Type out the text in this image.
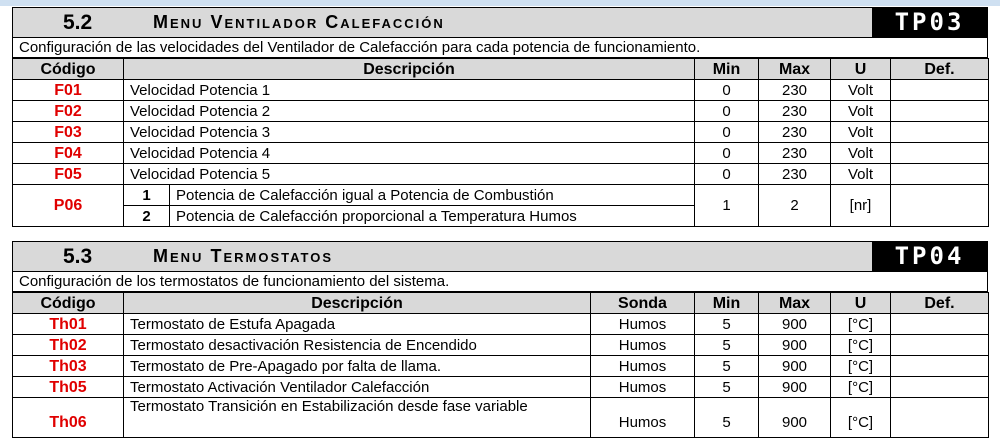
5.2	Menu Ventilador Calefacción	TP03
Configuración de las velocidades del Ventilador de Calefacción para cada potencia de funcionamiento.
Código	Descripción		Min	Max	U	Def.
F01	Velocidad Potencia 1		0	230	Volt	
F02	Velocidad Potencia 2		0	230	Volt	
F03	Velocidad Potencia 3		0	230	Volt	
F04	Velocidad Potencia 4		0	230	Volt	
F05	Velocidad Potencia 5		0	230	Volt	
P06	1	Potencia de Calefacción igual a Potencia de Combustión	1	2	[nr]	
	2	Potencia de Calefacción proporcional a Temperatura Humos				
5.3	Menu Termostatos	TP04
Configuración de los termostatos de funcionamiento del sistema.
Código	Descripción	Sonda	Min	Max	U	Def.
Th01	Termostato de Estufa Apagada	Humos	5	900	[°C]	
Th02	Termostato desactivación Resistencia de Encendido	Humos	5	900	[°C]	
Th03	Termostato de Pre-Apagado por falta de llama.	Humos	5	900	[°C]	
Th05	Termostato Activación Ventilador Calefacción	Humos	5	900	[°C]	
Th06	Termostato Transición en Estabilización desde fase variable	Humos	5	900	[°C]	
